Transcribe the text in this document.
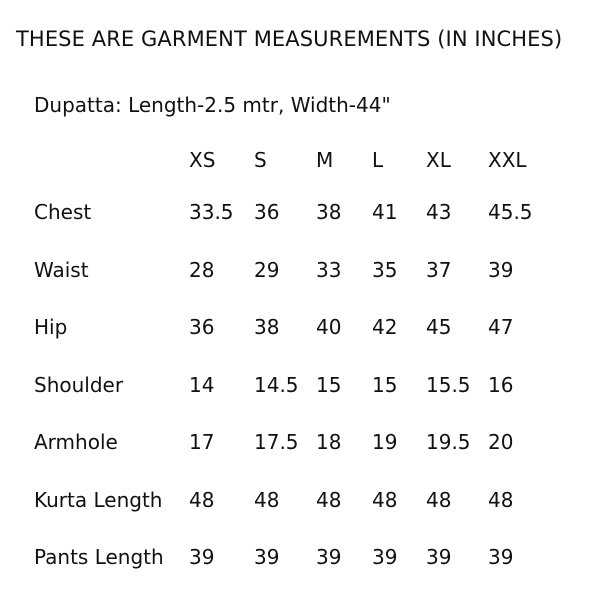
THESE ARE GARMENT MEASUREMENTS (IN INCHES)
Dupatta: Length-2.5 mtr, Width-44"
	XS	S	M	L	XL	XXL
Chest	33.5	36	38	41	43	45.5
Waist	28	29	33	35	37	39
Hip	36	38	40	42	45	47
Shoulder	14	14.5	15	15	15.5	16
Armhole	17	17.5	18	19	19.5	20
Kurta Length	48	48	48	48	48	48
Pants Length	39	39	39	39	39	39
